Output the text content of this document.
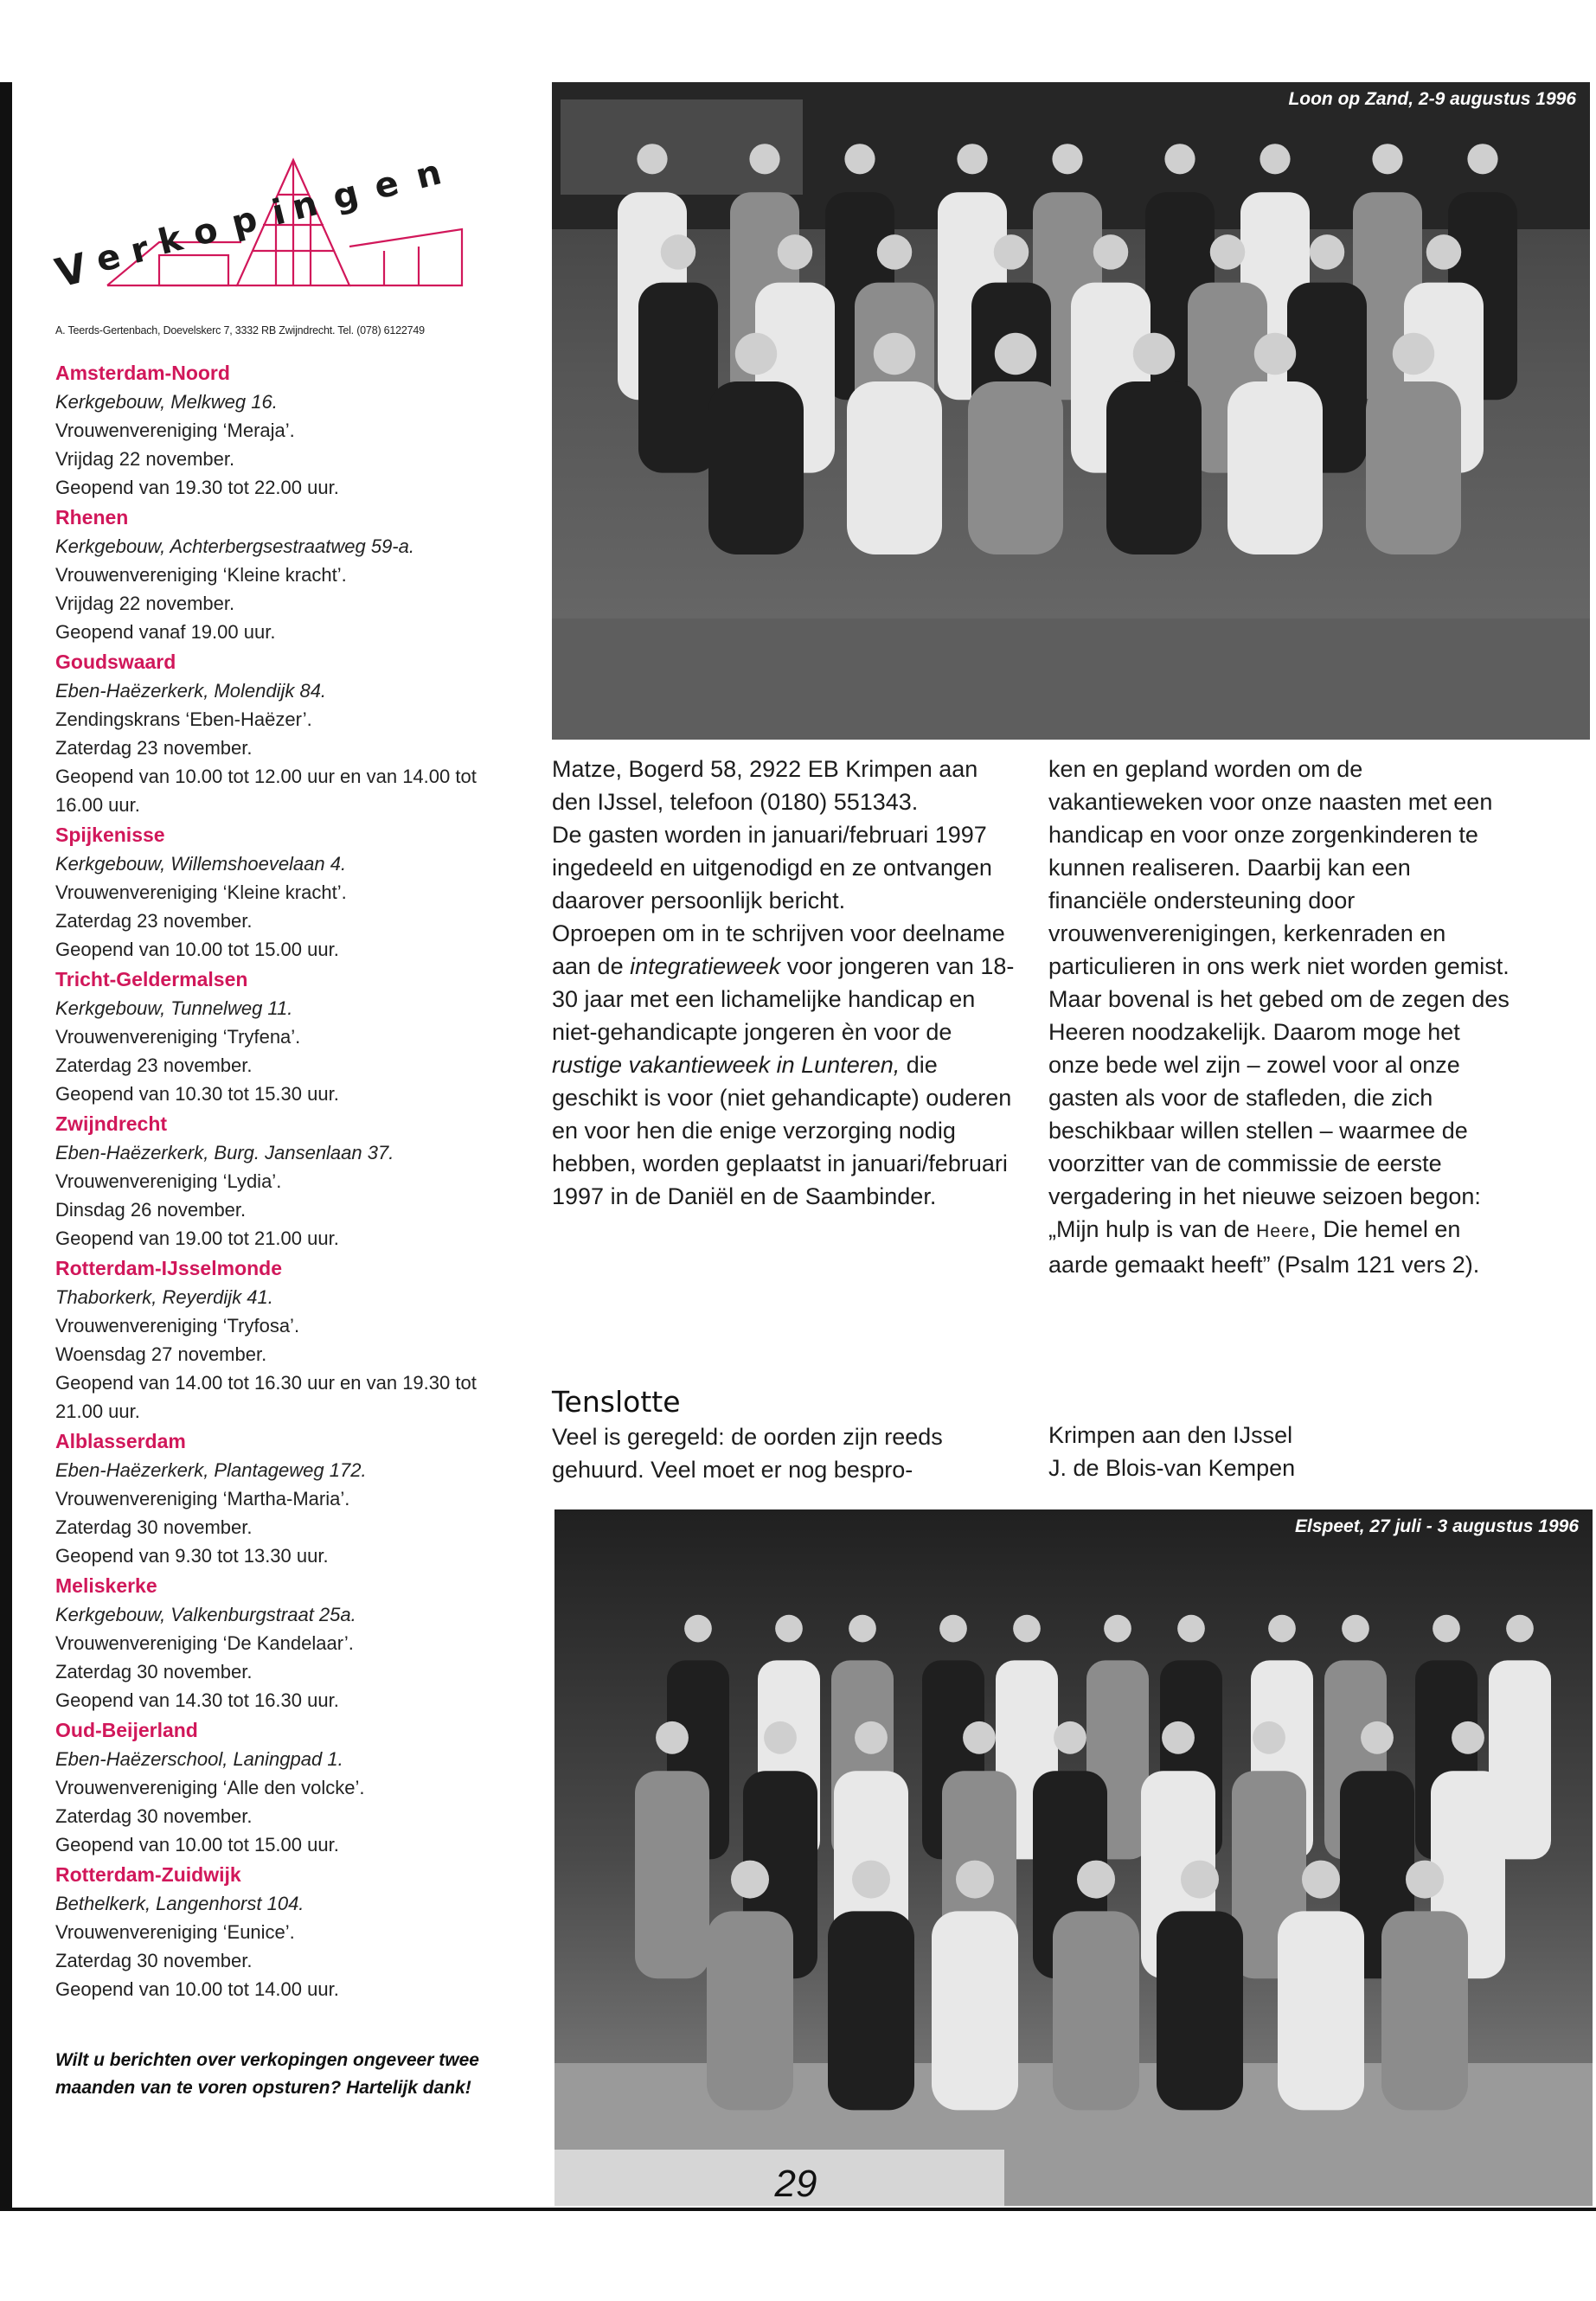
V e r k o p i
n g e n
A. Teerds-Gertenbach, Doevelskerc 7, 3332 RB Zwijndrecht. Tel. (078) 6122749
Amsterdam-Noord
Kerkgebouw, Melkweg 16.
Vrouwenvereniging ‘Meraja’.
Vrijdag 22 november.
Geopend van 19.30 tot 22.00 uur.
Rhenen
Kerkgebouw, Achterbergsestraatweg 59-a.
Vrouwenvereniging ‘Kleine kracht’.
Vrijdag 22 november.
Geopend vanaf 19.00 uur.
Goudswaard
Eben-Haëzerkerk, Molendijk 84.
Zendingskrans ‘Eben-Haëzer’.
Zaterdag 23 november.
Geopend van 10.00 tot 12.00 uur en van 14.00 tot 16.00 uur.
Spijkenisse
Kerkgebouw, Willemshoevelaan 4.
Vrouwenvereniging ‘Kleine kracht’.
Zaterdag 23 november.
Geopend van 10.00 tot 15.00 uur.
Tricht-Geldermalsen
Kerkgebouw, Tunnelweg 11.
Vrouwenvereniging ‘Tryfena’.
Zaterdag 23 november.
Geopend van 10.30 tot 15.30 uur.
Zwijndrecht
Eben-Haëzerkerk, Burg. Jansenlaan 37.
Vrouwenvereniging ‘Lydia’.
Dinsdag 26 november.
Geopend van 19.00 tot 21.00 uur.
Rotterdam-IJsselmonde
Thaborkerk, Reyerdijk 41.
Vrouwenvereniging ‘Tryfosa’.
Woensdag 27 november.
Geopend van 14.00 tot 16.30 uur en van 19.30 tot 21.00 uur.
Alblasserdam
Eben-Haëzerkerk, Plantageweg 172.
Vrouwenvereniging ‘Martha-Maria’.
Zaterdag 30 november.
Geopend van 9.30 tot 13.30 uur.
Meliskerke
Kerkgebouw, Valkenburgstraat 25a.
Vrouwenvereniging ‘De Kandelaar’.
Zaterdag 30 november.
Geopend van 14.30 tot 16.30 uur.
Oud-Beijerland
Eben-Haëzerschool, Laningpad 1.
Vrouwenvereniging ‘Alle den volcke’.
Zaterdag 30 november.
Geopend van 10.00 tot 15.00 uur.
Rotterdam-Zuidwijk
Bethelkerk, Langenhorst 104.
Vrouwenvereniging ‘Eunice’.
Zaterdag 30 november.
Geopend van 10.00 tot 14.00 uur.
Wilt u berichten over verkopingen ongeveer twee maanden van te voren opsturen? Hartelijk dank!
Loon op Zand, 2-9 augustus 1996

Matze, Bogerd 58, 2922 EB Krimpen aan den IJssel, telefoon (0180) 551343.

De gasten worden in januari/februari 1997 ingedeeld en uitgenodigd en ze ontvangen daarover persoonlijk bericht.

Oproepen om in te schrijven voor deelname aan de integratieweek voor jongeren van 18-30 jaar met een lichamelijke handicap en niet-gehandicapte jongeren èn voor de rustige vakantieweek in Lunteren, die geschikt is voor (niet gehandicapte) ouderen en voor hen die enige verzorging nodig hebben, worden geplaatst in januari/februari 1997 in de Daniël en de Saambinder.

ken en gepland worden om de vakantieweken voor onze naasten met een handicap en voor onze zorgenkinderen te kunnen realiseren. Daarbij kan een financiële ondersteuning door vrouwenverenigingen, kerkenraden en particulieren in ons werk niet worden gemist. Maar bovenal is het gebed om de zegen des Heeren noodzakelijk. Daarom moge het onze bede wel zijn – zowel voor al onze gasten als voor de stafleden, die zich beschikbaar willen stellen – waarmee de voorzitter van de commissie de eerste vergadering in het nieuwe seizoen begon: „Mijn hulp is van de Heere, Die hemel en aarde gemaakt heeft” (Psalm 121 vers 2).

Tenslotte

Veel is geregeld: de oorden zijn reeds gehuurd. Veel moet er nog bespro-

Krimpen aan den IJssel

J. de Blois-van Kempen

Elspeet, 27 juli - 3 augustus 1996
29
